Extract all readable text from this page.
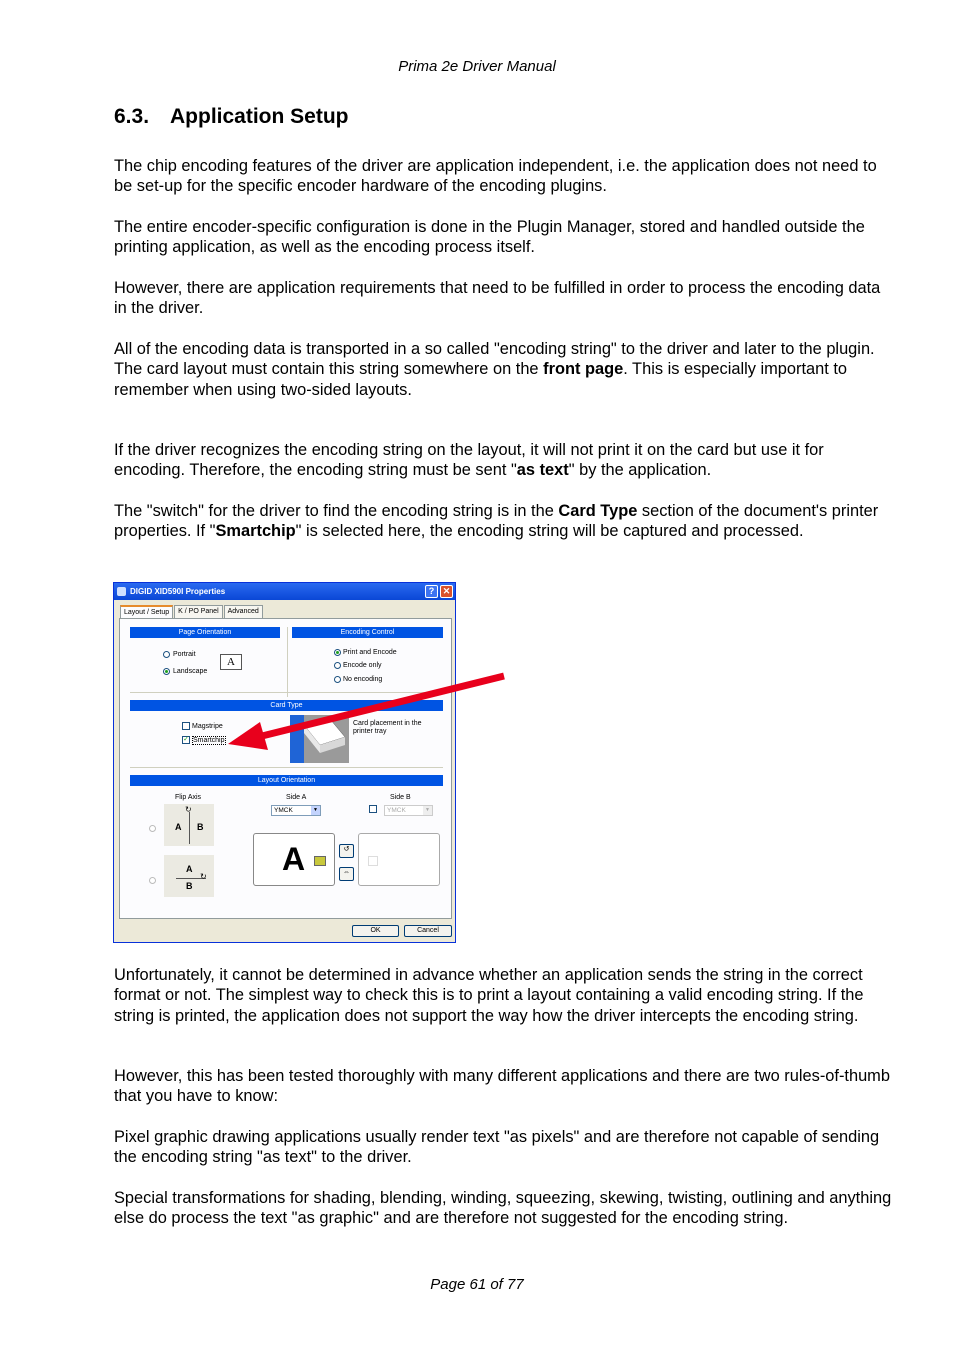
Prima 2e Driver Manual
6.3. Application Setup
The chip encoding features of the driver are application independent, i.e. the application does not need to be set-up for the specific encoder hardware of the encoding plugins.
The entire encoder-specific configuration is done in the Plugin Manager, stored and handled outside the printing application, as well as the encoding process itself.
However, there are application requirements that need to be fulfilled in order to process the encoding data in the driver.
All of the encoding data is transported in a so called "encoding string" to the driver and later to the plugin. The card layout must contain this string somewhere on the front page. This is especially important to remember when using two-sided layouts.
If the driver recognizes the encoding string on the layout, it will not print it on the card but use it for encoding. Therefore, the encoding string must be sent "as text" by the application.
The "switch" for the driver to find the encoding string is in the Card Type section of the document's printer properties. If "Smartchip" is selected here, the encoding string will be captured and processed.
DIGID XID590I Properties	? ✕
Layout / Setup	K / PO Panel	Advanced
Page Orientation
Portrait
Landscape
A
Encoding Control
Print and Encode
Encode only
No encoding
Card Type
Magstripe
✓ Smartchip
Card placement in the printer tray
Layout Orientation
Flip Axis	Side A	Side B
YMCK	▼	YMCK	▼
A B
↻
A
B
↻ A	↺
⇔
OK	Cancel
Unfortunately, it cannot be determined in advance whether an application sends the string in the correct format or not. The simplest way to check this is to print a layout containing a valid encoding string. If the string is printed, the application does not support the way how the driver intercepts the encoding string.
However, this has been tested thoroughly with many different applications and there are two rules-of-thumb that you have to know:
Pixel graphic drawing applications usually render text "as pixels" and are therefore not capable of sending the encoding string "as text" to the driver.
Special transformations for shading, blending, winding, squeezing, skewing, twisting, outlining and anything else do process the text "as graphic" and are therefore not suggested for the encoding string.
Page 61 of 77
